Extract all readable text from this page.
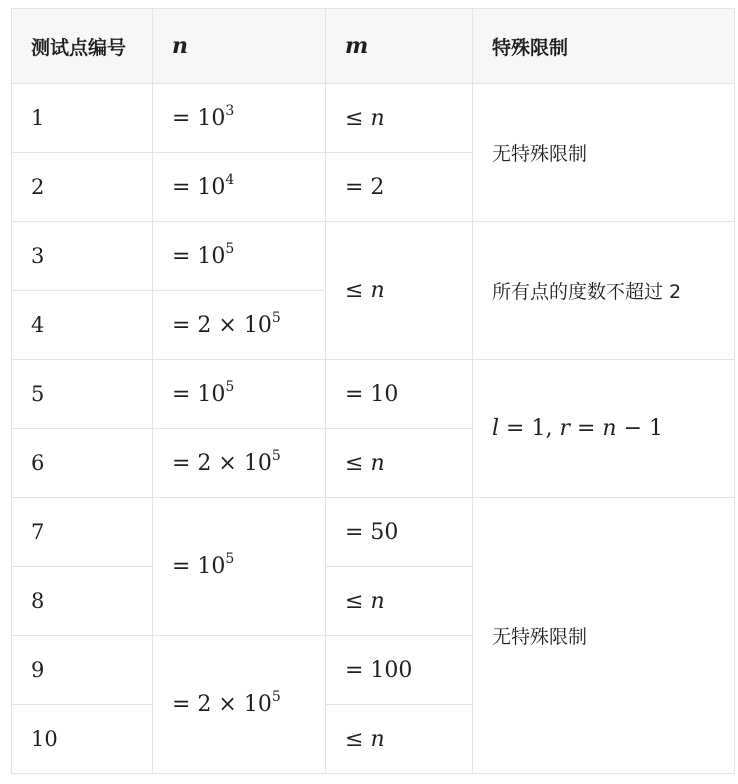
测试点编号	n	m	特殊限制
1	= $10^3$	≤ n	无特殊限制
2	= $10^4$	= 2	
3	= $10^5$	≤ n	所有点的度数不超过 2
4	= $2 \times 10^5$
5	= $10^5$	= 10	l = 1, r = n − 1
6	= $2 \times 10^5$	≤ n	
7	= $10^5$	= 50	无特殊限制
8		≤ n	
9	= $2 \times 10^5$	= 100	
10		≤ n	
